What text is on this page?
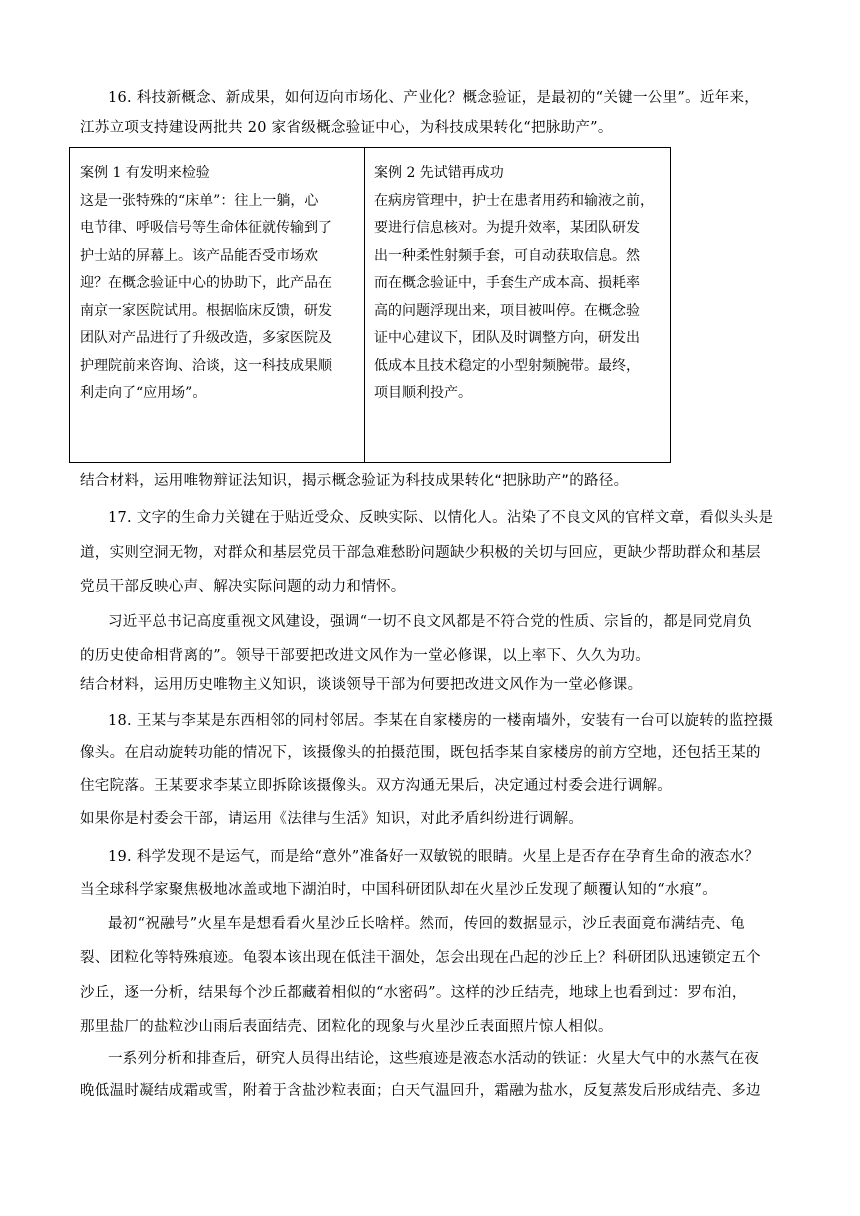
16. 科技新概念、新成果，如何迈向市场化、产业化？概念验证，是最初的“关键一公里”。近年来，
江苏立项支持建设两批共 20 家省级概念验证中心，为科技成果转化“把脉助产”。
案例 1 有发明来检验
这是一张特殊的“床单”：往上一躺，心
电节律、呼吸信号等生命体征就传输到了
护士站的屏幕上。该产品能否受市场欢
迎？在概念验证中心的协助下，此产品在
南京一家医院试用。根据临床反馈，研发
团队对产品进行了升级改造，多家医院及
护理院前来咨询、洽谈，这一科技成果顺
利走向了“应用场”。
案例 2 先试错再成功
在病房管理中，护士在患者用药和输液之前，
要进行信息核对。为提升效率，某团队研发
出一种柔性射频手套，可自动获取信息。然
而在概念验证中，手套生产成本高、损耗率
高的问题浮现出来，项目被叫停。在概念验
证中心建议下，团队及时调整方向，研发出
低成本且技术稳定的小型射频腕带。最终，
项目顺利投产。
结合材料，运用唯物辩证法知识，揭示概念验证为科技成果转化“把脉助产”的路径。
17. 文字的生命力关键在于贴近受众、反映实际、以情化人。沾染了不良文风的官样文章，看似头头是
道，实则空洞无物，对群众和基层党员干部急难愁盼问题缺少积极的关切与回应，更缺少帮助群众和基层
党员干部反映心声、解决实际问题的动力和情怀。
习近平总书记高度重视文风建设，强调“一切不良文风都是不符合党的性质、宗旨的，都是同党肩负
的历史使命相背离的”。领导干部要把改进文风作为一堂必修课，以上率下、久久为功。
结合材料，运用历史唯物主义知识，谈谈领导干部为何要把改进文风作为一堂必修课。
18. 王某与李某是东西相邻的同村邻居。李某在自家楼房的一楼南墙外，安装有一台可以旋转的监控摄
像头。在启动旋转功能的情况下，该摄像头的拍摄范围，既包括李某自家楼房的前方空地，还包括王某的
住宅院落。王某要求李某立即拆除该摄像头。双方沟通无果后，决定通过村委会进行调解。
如果你是村委会干部，请运用《法律与生活》知识，对此矛盾纠纷进行调解。
19. 科学发现不是运气，而是给“意外”准备好一双敏锐的眼睛。火星上是否存在孕育生命的液态水？
当全球科学家聚焦极地冰盖或地下湖泊时，中国科研团队却在火星沙丘发现了颠覆认知的“水痕”。
最初“祝融号”火星车是想看看火星沙丘长啥样。然而，传回的数据显示，沙丘表面竟布满结壳、龟
裂、团粒化等特殊痕迹。龟裂本该出现在低洼干涸处，怎会出现在凸起的沙丘上？科研团队迅速锁定五个
沙丘，逐一分析，结果每个沙丘都藏着相似的“水密码”。这样的沙丘结壳，地球上也看到过：罗布泊，
那里盐厂的盐粒沙山雨后表面结壳、团粒化的现象与火星沙丘表面照片惊人相似。
一系列分析和排查后，研究人员得出结论，这些痕迹是液态水活动的铁证：火星大气中的水蒸气在夜
晚低温时凝结成霜或雪，附着于含盐沙粒表面；白天气温回升，霜融为盐水，反复蒸发后形成结壳、多边
